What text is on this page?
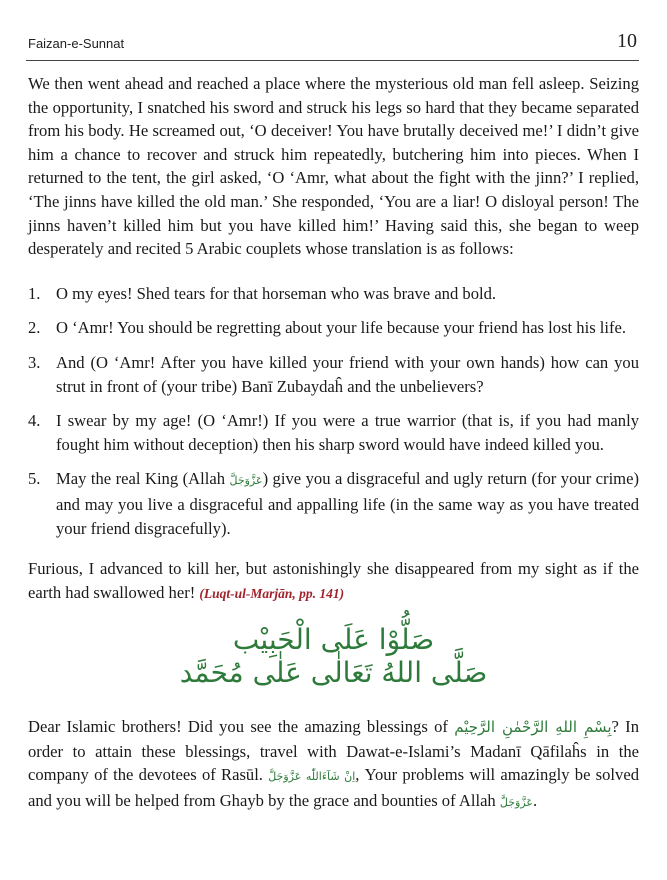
Faizan-e-Sunnat	10

We then went ahead and reached a place where the mysterious old man fell asleep. Seizing the opportunity, I snatched his sword and struck his legs so hard that they became separated from his body. He screamed out, ‘O deceiver! You have brutally deceived me!’ I didn’t give him a chance to recover and struck him repeatedly, butchering him into pieces. When I returned to the tent, the girl asked, ‘O ‘Amr, what about the fight with the jinn?’ I replied, ‘The jinns have killed the old man.’ She responded, ‘You are a liar! O disloyal person! The jinns haven’t killed him but you have killed him!’ Having said this, she began to weep desperately and recited 5 Arabic couplets whose translation is as follows:

1. O my eyes! Shed tears for that horseman who was brave and bold.
2. O ‘Amr! You should be regretting about your life because your friend has lost his life.
3. And (O ‘Amr! After you have killed your friend with your own hands) how can you strut in front of (your tribe) Banī Zubaydaĥ and the unbelievers?
4. I swear by my age! (O ‘Amr!) If you were a true warrior (that is, if you had manly fought him without deception) then his sharp sword would have indeed killed you.
5. May the real King (Allah عَزَّوَجَلَّ) give you a disgraceful and ugly return (for your crime) and may you live a disgraceful and appalling life (in the same way as you have treated your friend disgracefully).

Furious, I advanced to kill her, but astonishingly she disappeared from my sight as if the earth had swallowed her! (Luqt-ul-Marjān, pp. 141)

صَلُّوْا عَلَى الْحَبِيْب صَلَّى اللهُ تَعَالٰى عَلٰى مُحَمَّد

Dear Islamic brothers! Did you see the amazing blessings of بِسْمِ اللهِ الرَّحْمٰنِ الرَّحِيْم? In order to attain these blessings, travel with Dawat-e-Islami’s Madanī Qāfilaĥs in the company of the devotees of Rasūl. اِنْ شَآءَاللّٰه عَزَّوَجَلَّ, Your problems will amazingly be solved and you will be helped from Ghayb by the grace and bounties of Allah عَزَّوَجَلَّ.
